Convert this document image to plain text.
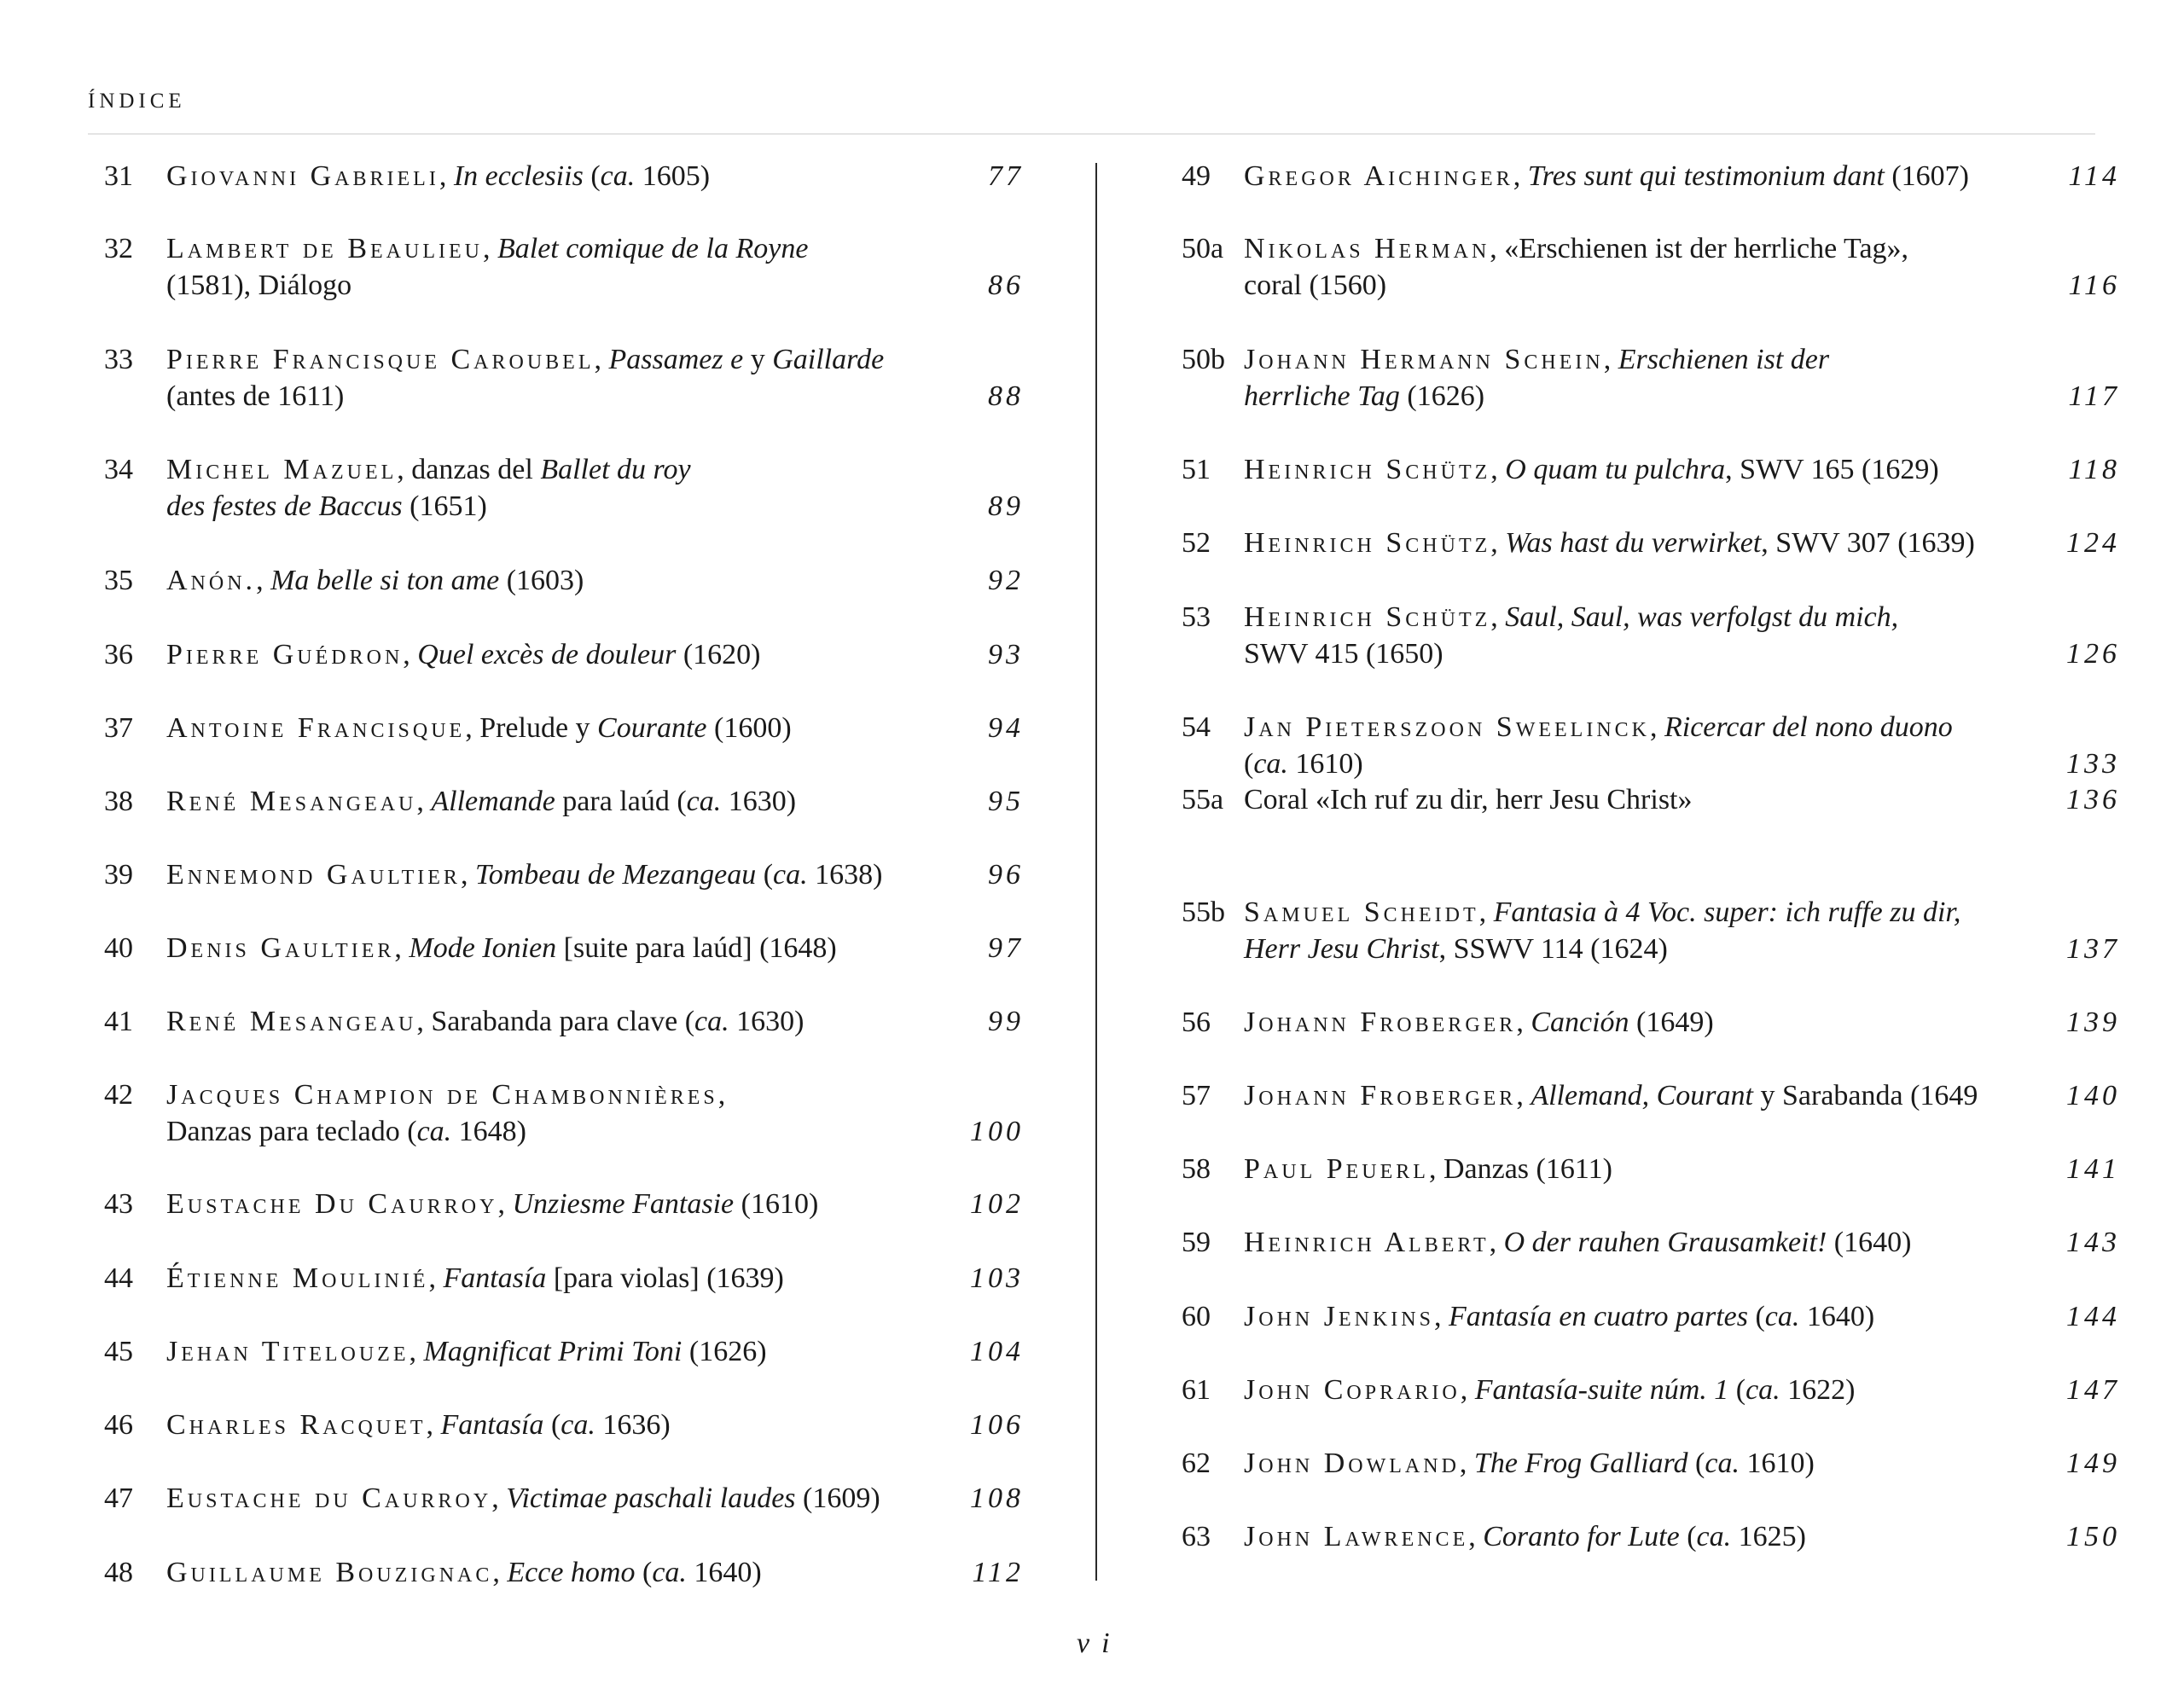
ÍNDICE
31 Giovanni Gabrieli, In ecclesiis (ca. 1605)	77
32 Lambert de Beaulieu, Balet comique de la Royne
(1581), Diálogo	86
33 Pierre Francisque Caroubel, Passamez e y Gaillarde
(antes de 1611)	88
34 Michel Mazuel, danzas del Ballet du roy
des festes de Baccus (1651)	89
35 Anón., Ma belle si ton ame (1603)	92
36 Pierre Guédron, Quel excès de douleur (1620)	93
37 Antoine Francisque, Prelude y Courante (1600)	94
38 René Mesangeau, Allemande para laúd (ca. 1630)	95
39 Ennemond Gaultier, Tombeau de Mezangeau (ca. 1638)	96
40 Denis Gaultier, Mode Ionien [suite para laúd] (1648)	97
41 René Mesangeau, Sarabanda para clave (ca. 1630)	99
42 Jacques Champion de Chambonnières,
Danzas para teclado (ca. 1648)	100
43 Eustache Du Caurroy, Unziesme Fantasie (1610)	102
44 Étienne Moulinié, Fantasía [para violas] (1639)	103
45 Jehan Titelouze, Magnificat Primi Toni (1626)	104
46 Charles Racquet, Fantasía (ca. 1636)	106
47 Eustache du Caurroy, Victimae paschali laudes (1609)	108
48 Guillaume Bouzignac, Ecce homo (ca. 1640)	112
49 Gregor Aichinger, Tres sunt qui testimonium dant (1607)	114
50a Nikolas Herman, «Erschienen ist der herrliche Tag»,
coral (1560)	116
50b Johann Hermann Schein, Erschienen ist der
herrliche Tag (1626)	117
51 Heinrich Schütz, O quam tu pulchra, SWV 165 (1629)	118
52 Heinrich Schütz, Was hast du verwirket, SWV 307 (1639)	124
53 Heinrich Schütz, Saul, Saul, was verfolgst du mich,
SWV 415 (1650)	126
54 Jan Pieterszoon Sweelinck, Ricercar del nono duono
(ca. 1610)	133
55a Coral «Ich ruf zu dir, herr Jesu Christ»	136
55b Samuel Scheidt, Fantasia à 4 Voc. super: ich ruffe zu dir,
Herr Jesu Christ, SSWV 114 (1624)	137
56 Johann Froberger, Canción (1649)	139
57 Johann Froberger, Allemand, Courant y Sarabanda (1649	140
58 Paul Peuerl, Danzas (1611)	141
59 Heinrich Albert, O der rauhen Grausamkeit! (1640)	143
60 John Jenkins, Fantasía en cuatro partes (ca. 1640)	144
61 John Coprario, Fantasía-suite núm. 1 (ca. 1622)	147
62 John Dowland, The Frog Galliard (ca. 1610)	149
63 John Lawrence, Coranto for Lute (ca. 1625)	150
vi
